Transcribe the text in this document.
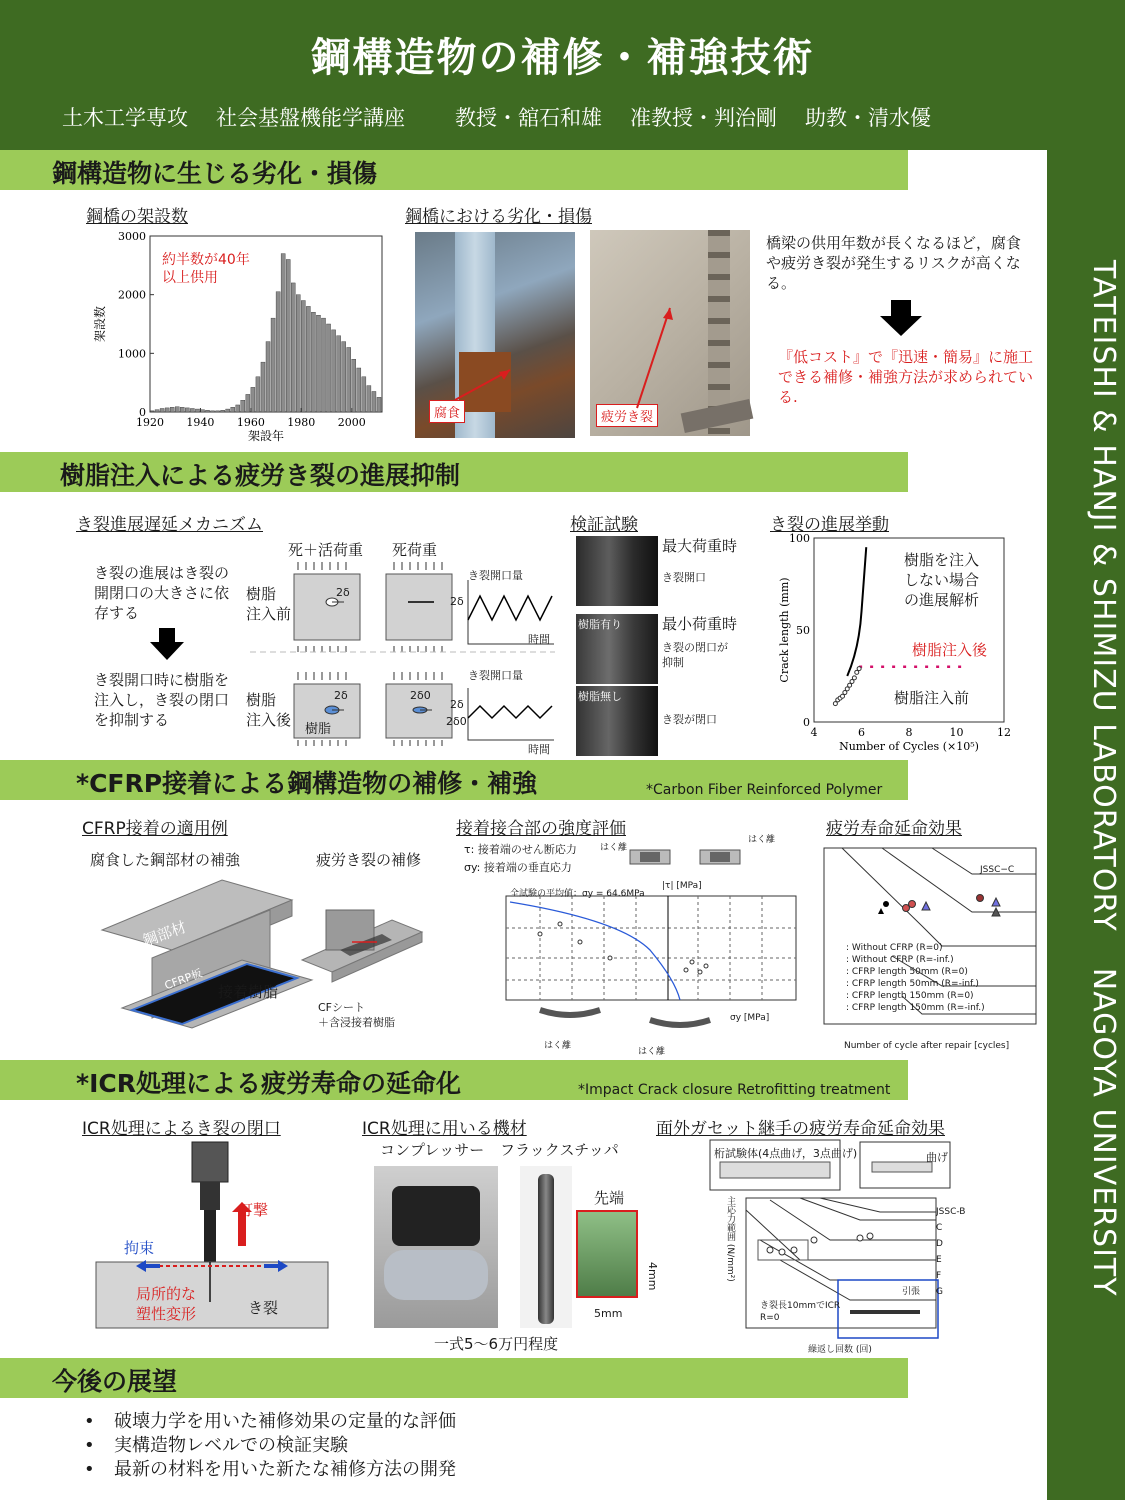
鋼構造物の補修・補強技術
土木工学専攻 社会基盤機能学講座 教授・舘石和雄 准教授・判治剛 助教・清水優
TATEISHI & HANJI & SHIMIZU LABORATORYNAGOYA UNIVERSITY
鋼構造物に生じる劣化・損傷
鋼橋の架設数
1920 1940 1960 1980 2000
0
1000
2000
3000
架設年
架設数
約半数が40年
以上供用
鋼橋における劣化・損傷
腐食	疲労き裂
橋梁の供用年数が長くなるほど，腐食や疲労き裂が発生するリスクが高くなる。
『低コスト』で『迅速・簡易』に施工できる補修・補強方法が求められている.
樹脂注入による疲労き裂の進展抑制
き裂進展遅延メカニズム
き裂の進展はき裂の開閉口の大きさに依存する
き裂開口時に樹脂を注入し，き裂の閉口を抑制する
死＋活荷重 死荷重
樹脂
注入前
樹脂
注入後
2δ
2δ	2δ0
樹脂
き裂開口量
2δ
時間
き裂開口量
2δ
2δ0
時間
検証試験
樹脂有り
樹脂無し
最大荷重時
き裂開口
最小荷重時
き裂の閉口が
抑制
き裂が閉口
き裂の進展挙動
4	6	8	10	12
0
50
100
Crack length (mm)
Number of Cycles (×10⁵)
樹脂を注入
しない場合
の進展解析
樹脂注入後
樹脂注入前
*CFRP接着による鋼構造物の補修・補強	*Carbon Fiber Reinforced Polymer
CFRP接着の適用例
腐食した鋼部材の補強	疲労き裂の補修
鋼部材
CFRP板 接着樹脂
CFシート
＋含浸接着樹脂
接着接合部の強度評価
τ: 接着端のせん断応力
σy: 接着端の垂直応力
全試験の平均値：σy = 64.6MPa
|τ| [MPa]
σy [MPa]
はく離
はく離
はく離
はく離
疲労寿命延命効果
JSSC−C
: Without CFRP (R=0)
: Without CFRP (R=-inf.)
: CFRP length 50mm (R=0)
: CFRP length 50mm (R=-inf.)
: CFRP length 150mm (R=0)
: CFRP length 150mm (R=-inf.)
Number of cycle after repair [cycles]
*ICR処理による疲労寿命の延命化	*Impact Crack closure Retrofitting treatment
ICR処理によるき裂の閉口
打撃
拘束
局所的な
塑性変形	き裂
ICR処理に用いる機材
コンプレッサー フラックスチッパ
先端
4mm
5mm
一式5～6万円程度
面外ガセット継手の疲労寿命延命効果
桁試験体(4点曲げ，3点曲げ)	曲げ
JSSC-B
C
D
E
F
G
引張
き裂長10mmでICR
R=0
主応力範囲 (N/mm²)
繰返し回数 (回)
今後の展望
• 破壊力学を用いた補修効果の定量的な評価
• 実構造物レベルでの検証実験
• 最新の材料を用いた新たな補修方法の開発
